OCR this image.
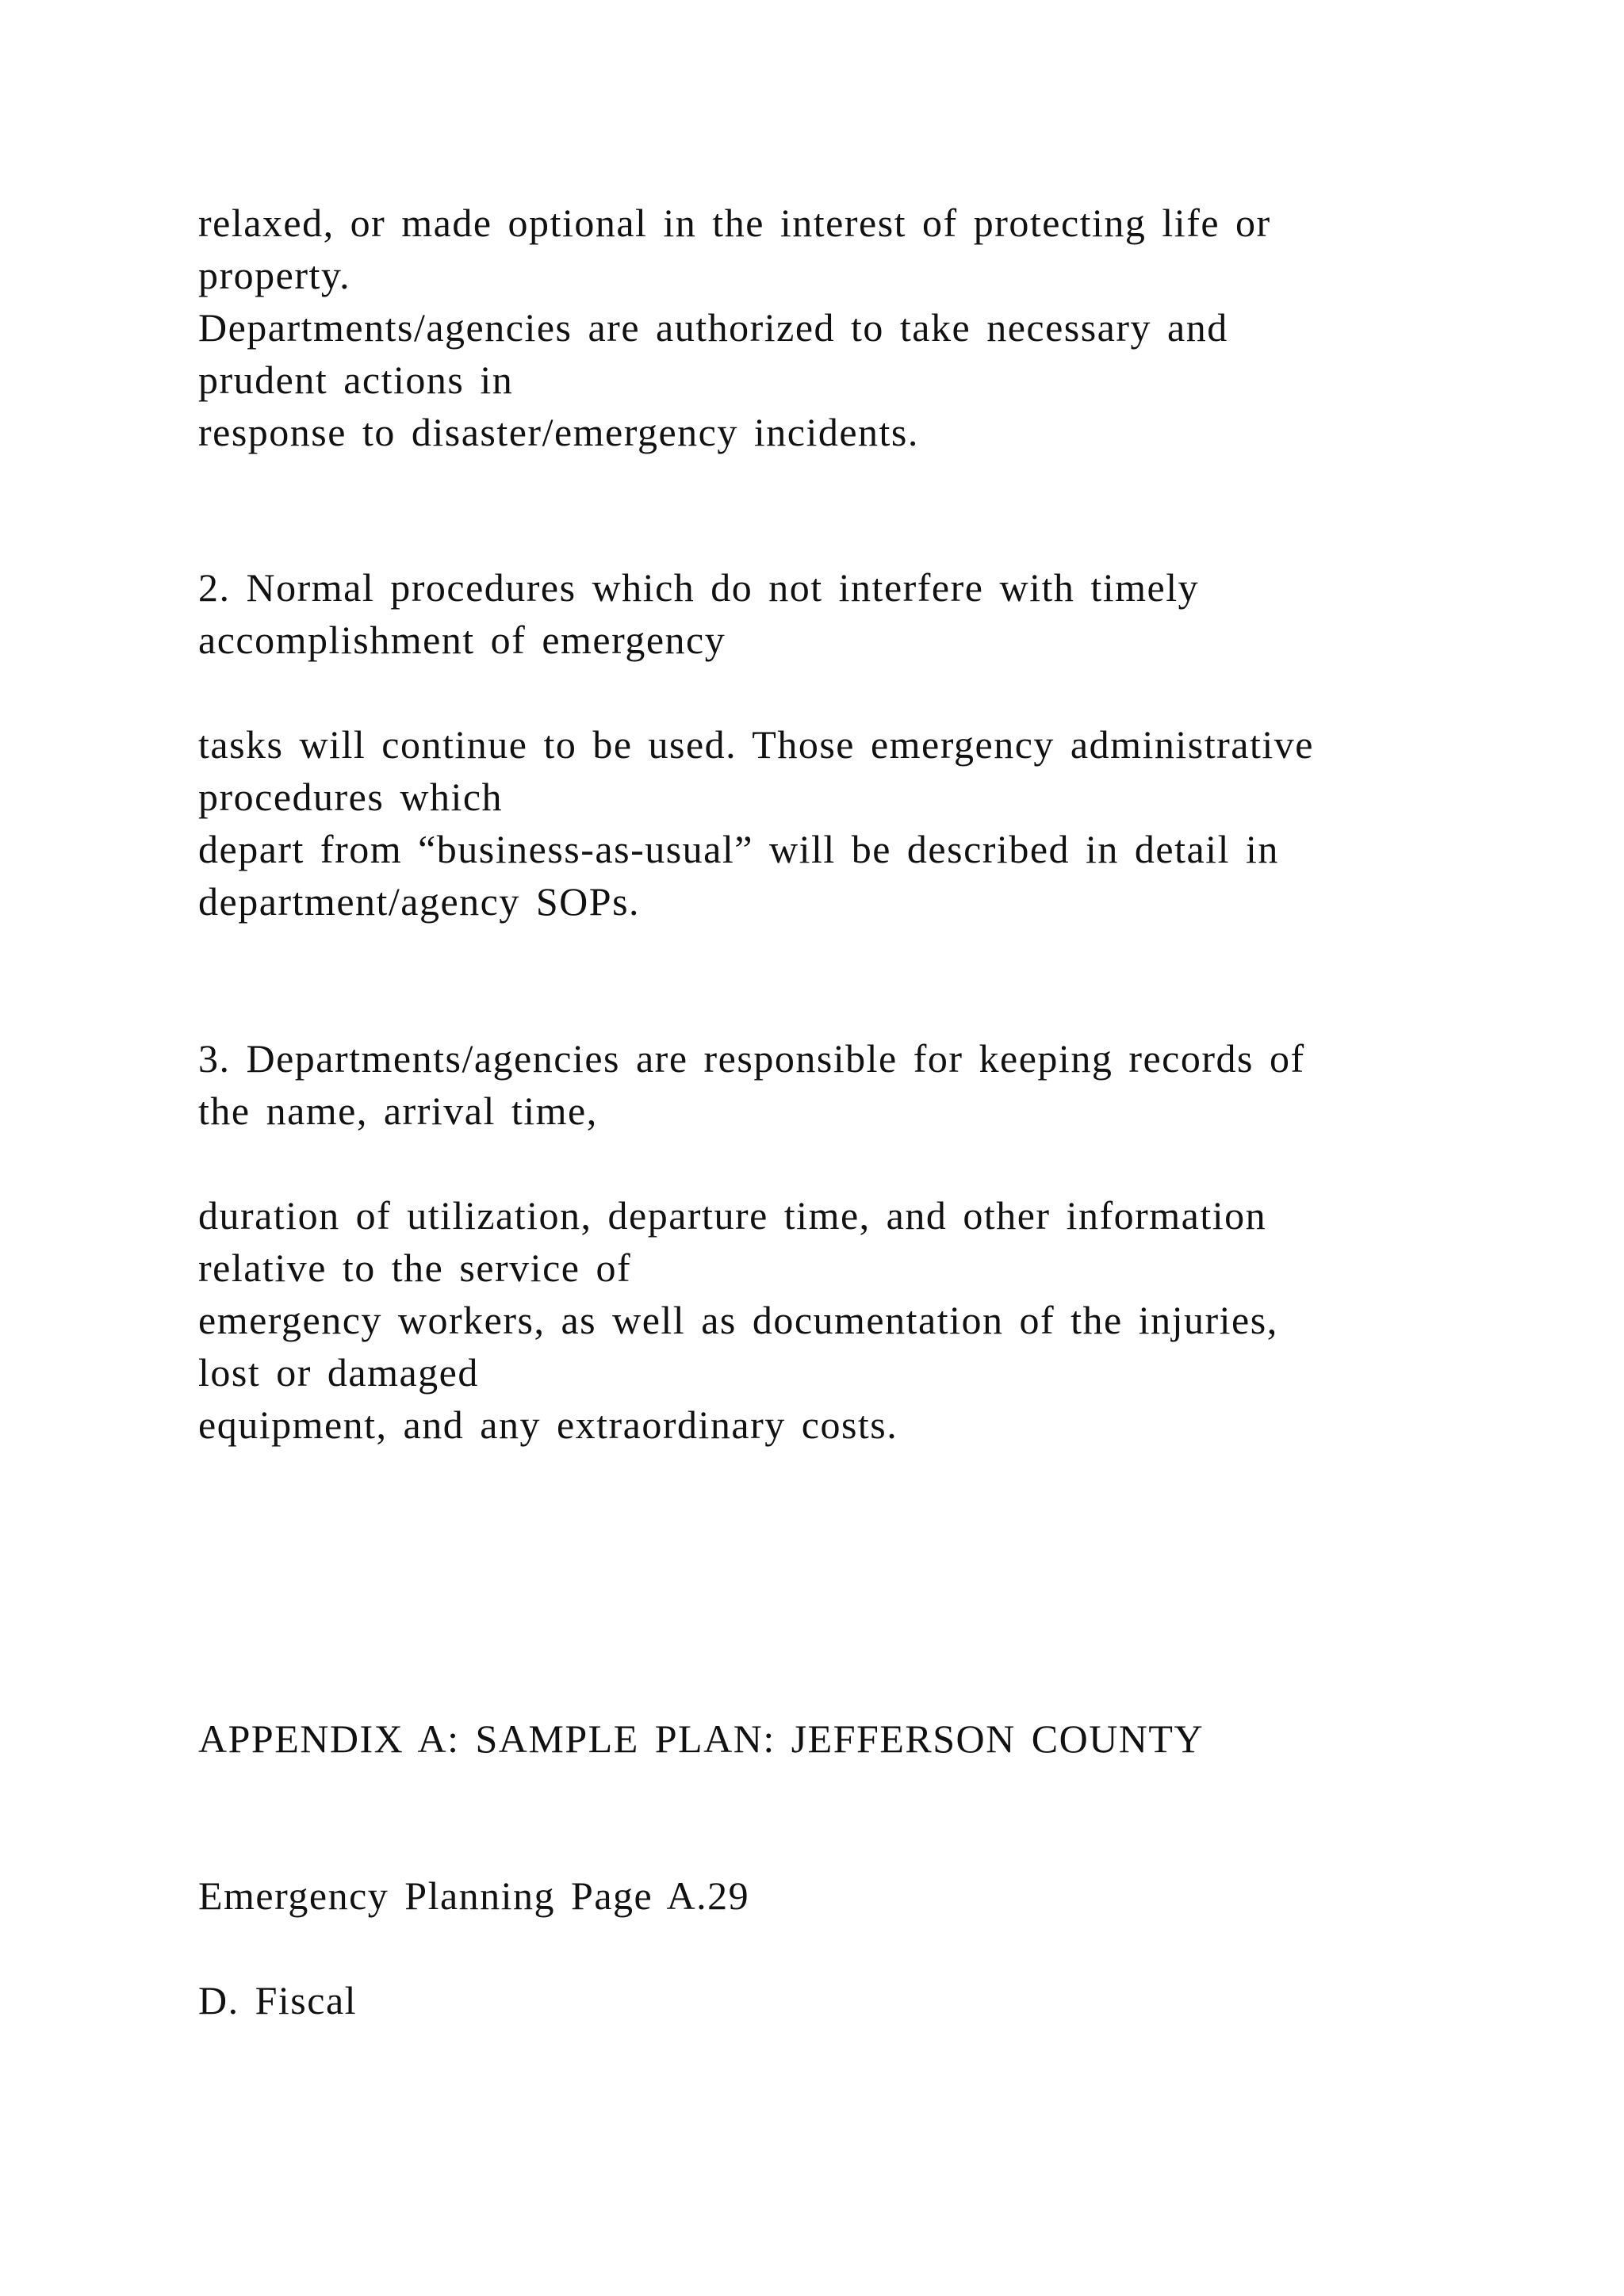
relaxed, or made optional in the interest of protecting life or
property.
Departments/agencies are authorized to take necessary and
prudent actions in
response to disaster/emergency incidents.
2. Normal procedures which do not interfere with timely
accomplishment of emergency
tasks will continue to be used. Those emergency administrative
procedures which
depart from “business-as-usual” will be described in detail in
department/agency SOPs.
3. Departments/agencies are responsible for keeping records of
the name, arrival time,
duration of utilization, departure time, and other information
relative to the service of
emergency workers, as well as documentation of the injuries,
lost or damaged
equipment, and any extraordinary costs.
APPENDIX A: SAMPLE PLAN: JEFFERSON COUNTY
Emergency Planning Page A.29
D. Fiscal
